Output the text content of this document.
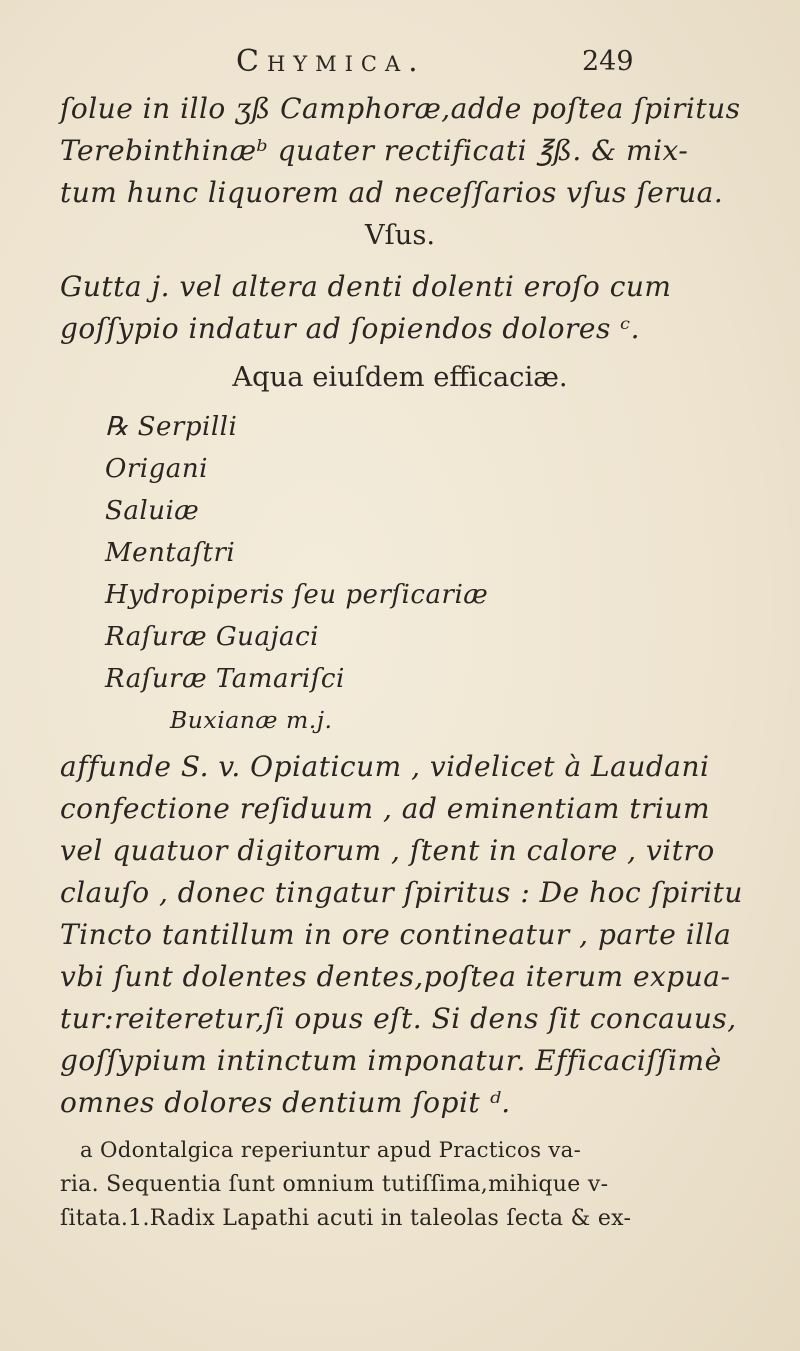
Chymica.	249
ſolue in illo ʒß Camphoræ,adde poſtea ſpiritus
Terebinthinæᵇ quater rectificati ℥ß. & mix-
tum hunc liquorem ad neceſſarios vſus ſerua.
Vſus.
Gutta j. vel altera denti dolenti eroſo cum
goſſypio indatur ad ſopiendos dolores ᶜ.
Aqua eiuſdem efficaciæ.
℞ Serpilli
Origani
Saluiæ
Mentaſtri
Hydropiperis ſeu perſicariæ
Raſuræ Guajaci
Raſuræ Tamariſci
Buxianæ m.j.
affunde S. v. Opiaticum , videlicet à Laudani
confectione reſiduum , ad eminentiam trium
vel quatuor digitorum , ſtent in calore , vitro
clauſo , donec tingatur ſpiritus : De hoc ſpiritu
Tincto tantillum in ore contineatur , parte illa
vbi ſunt dolentes dentes,poſtea iterum expua-
tur:reiteretur,ſi opus eſt. Si dens ſit concauus,
goſſypium intinctum imponatur. Efficaciſſimè
omnes dolores dentium ſopit ᵈ.
a Odontalgica reperiuntur apud Practicos va-
ria. Sequentia ſunt omnium tutiſſima,mihique v-
ſitata.1.Radix Lapathi acuti in taleolas ſecta & ex-
